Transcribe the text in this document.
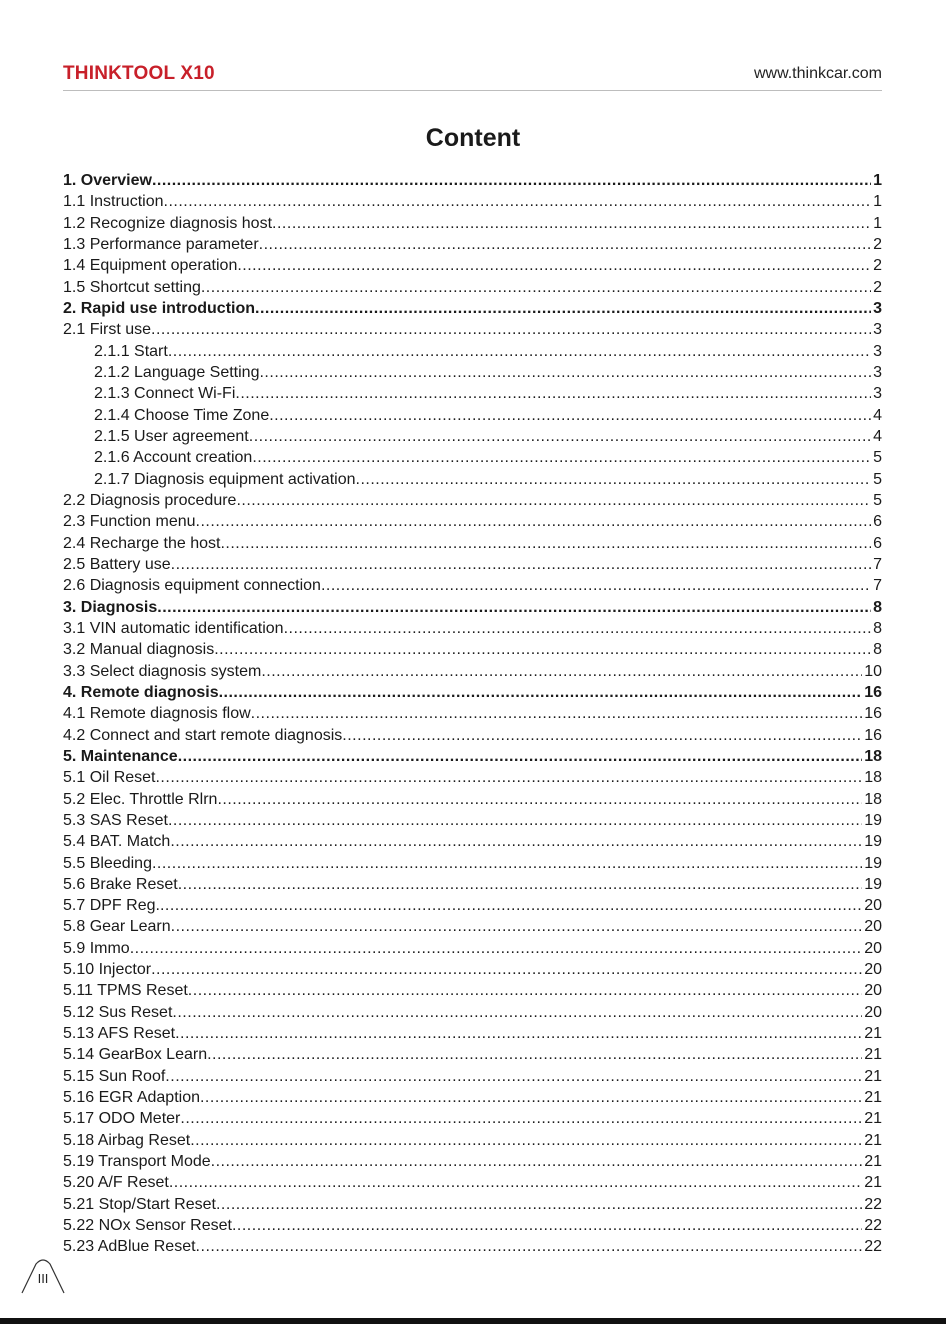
THINKTOOL X10	www.thinkcar.com
Content
1. Overview .....	1
1.1 Instruction .....	1
1.2 Recognize diagnosis host .....	1
1.3 Performance parameter .....	2
1.4 Equipment operation .....	2
1.5 Shortcut setting .....	2
2. Rapid use introduction .....	3
2.1 First use .....	3
2.1.1 Start .....	3
2.1.2 Language Setting .....	3
2.1.3 Connect Wi-Fi .....	3
2.1.4 Choose Time Zone .....	4
2.1.5 User agreement .....	4
2.1.6 Account creation .....	5
2.1.7 Diagnosis equipment activation .....	5
2.2 Diagnosis procedure .....	5
2.3 Function menu .....	6
2.4 Recharge the host .....	6
2.5 Battery use .....	7
2.6 Diagnosis equipment connection .....	7
3. Diagnosis .....	8
3.1 VIN automatic identification .....	8
3.2 Manual diagnosis .....	8
3.3 Select diagnosis system .....	10
4. Remote diagnosis .....	16
4.1 Remote diagnosis flow .....	16
4.2 Connect and start remote diagnosis .....	16
5. Maintenance .....	18
5.1 Oil Reset .....	18
5.2 Elec. Throttle Rlrn .....	18
5.3 SAS Reset .....	19
5.4 BAT. Match .....	19
5.5 Bleeding .....	19
5.6 Brake Reset .....	19
5.7 DPF Reg. .....	20
5.8 Gear Learn .....	20
5.9 Immo .....	20
5.10 Injector .....	20
5.11 TPMS Reset .....	20
5.12 Sus Reset .....	20
5.13 AFS Reset .....	21
5.14 GearBox Learn .....	21
5.15 Sun Roof .....	21
5.16 EGR Adaption .....	21
5.17 ODO Meter .....	21
5.18 Airbag Reset .....	21
5.19 Transport Mode .....	21
5.20 A/F Reset .....	21
5.21 Stop/Start Reset .....	22
5.22 NOx Sensor Reset .....	22
5.23 AdBlue Reset .....	22
III
